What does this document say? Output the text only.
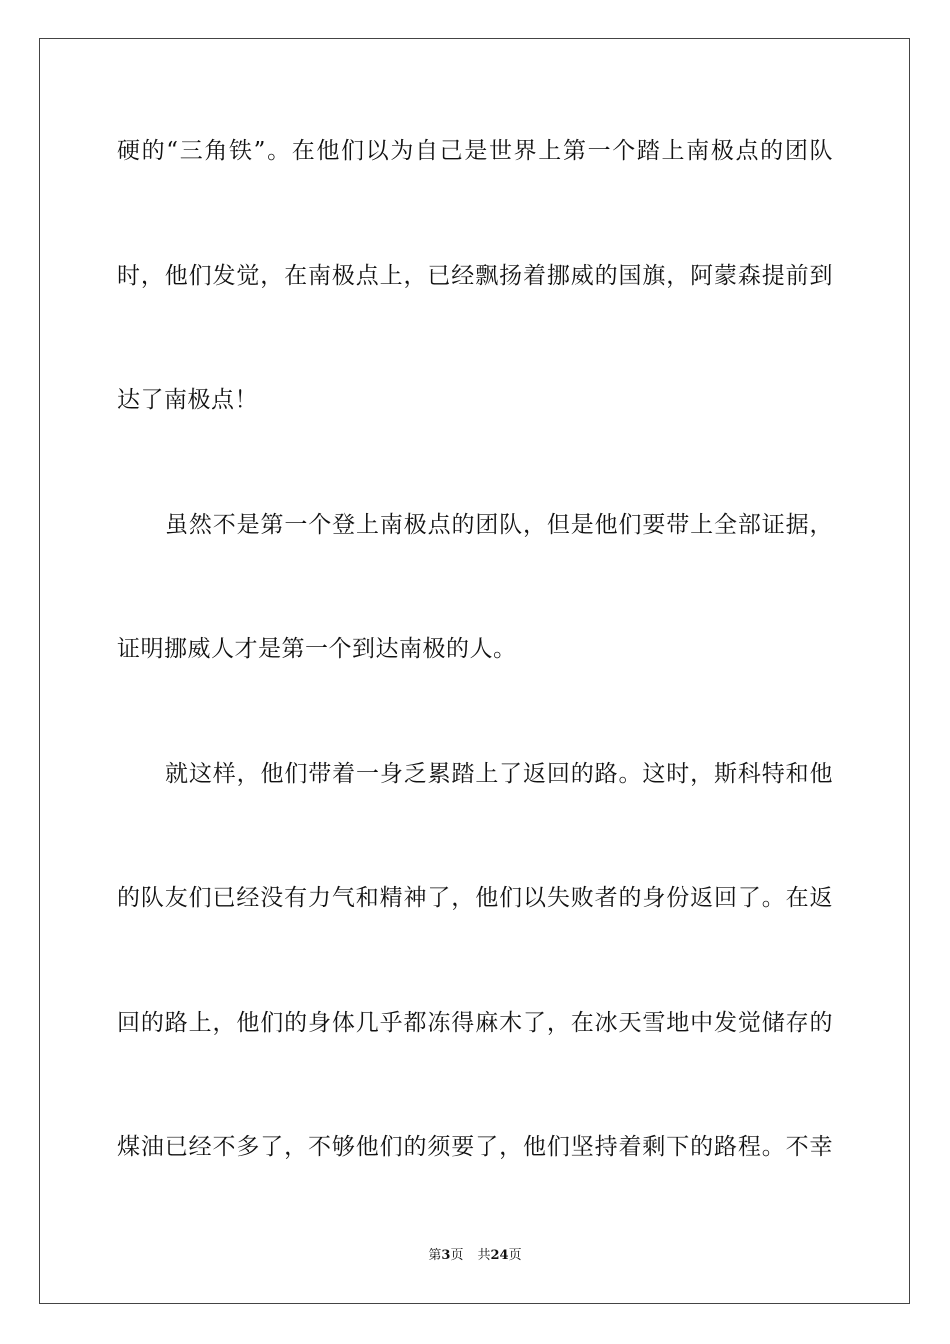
硬的“三角铁”。在他们以为自己是世界上第一个踏上南极点的团队
时，他们发觉，在南极点上，已经飘扬着挪威的国旗，阿蒙森提前到
达了南极点！
虽然不是第一个登上南极点的团队，但是他们要带上全部证据，
证明挪威人才是第一个到达南极的人。
就这样，他们带着一身乏累踏上了返回的路。这时，斯科特和他
的队友们已经没有力气和精神了，他们以失败者的身份返回了。在返
回的路上，他们的身体几乎都冻得麻木了，在冰天雪地中发觉储存的
煤油已经不多了，不够他们的须要了，他们坚持着剩下的路程。不幸
第3页 共24页
